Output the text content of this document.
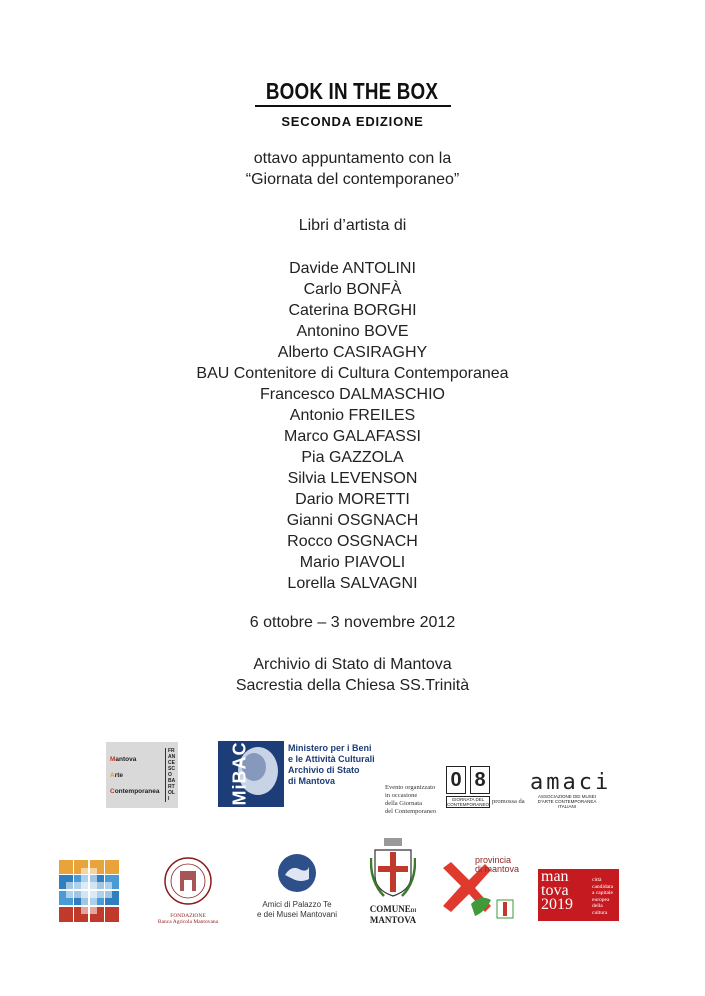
BOOK IN THE BOX
SECONDA EDIZIONE
ottavo appuntamento con la
“Giornata del contemporaneo”
Libri d’artista di
Davide ANTOLINI
Carlo BONFÀ
Caterina BORGHI
Antonino BOVE
Alberto CASIRAGHY
BAU Contenitore di Cultura Contemporanea
Francesco DALMASCHIO
Antonio FREILES
Marco GALAFASSI
Pia GAZZOLA
Silvia LEVENSON
Dario MORETTI
Gianni OSGNACH
Rocco OSGNACH
Mario PIAVOLI
Lorella SALVAGNI
6 ottobre – 3 novembre 2012
Archivio di Stato di Mantova
Sacrestia della Chiesa SS.Trinità
Mantova
Arte
Contemporanea
FRANCESCO BARTOLI	MiBAC	Ministero per i Beni
e le Attività Culturali
Archivio di Stato
di Mantova
Evento organizzato
in occasione
della Giornata
del Contemporaneo
0 8
GIORNATA DEL CONTEMPORANEO promossa da
amaci
ASSOCIAZIONE DEI MUSEI D'ARTE CONTEMPORANEA ITALIANI
FONDAZIONE
Banca Agricola Mantovana
Amici di Palazzo Te
e dei Musei Mantovani
COMUNEDI
MANTOVA
provincia
di mantova man
tova
2019
città
candidata
a capitale
europea
della cultura
